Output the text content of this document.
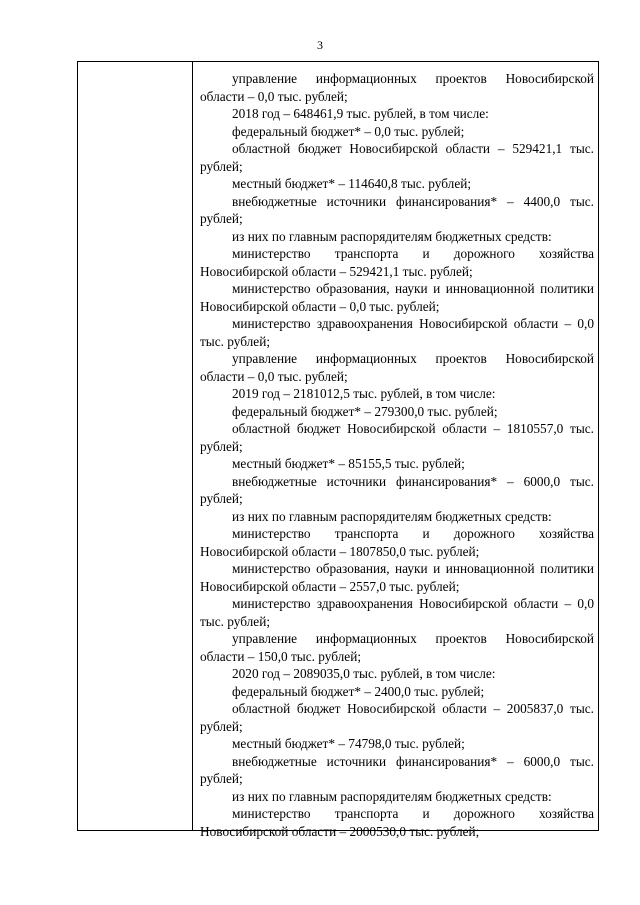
3

управление информационных проектов Новосибирской области – 0,0 тыс. рублей;

2018 год – 648461,9 тыс. рублей, в том числе:

федеральный бюджет* – 0,0 тыс. рублей;

областной бюджет Новосибирской области – 529421,1 тыс. рублей;

местный бюджет* – 114640,8 тыс. рублей;

внебюджетные источники финансирования* – 4400,0 тыс. рублей;

из них по главным распорядителям бюджетных средств:

министерство транспорта и дорожного хозяйства Новосибирской области – 529421,1 тыс. рублей;

министерство образования, науки и инновационной политики Новосибирской области – 0,0 тыс. рублей;

министерство здравоохранения Новосибирской области – 0,0 тыс. рублей;

управление информационных проектов Новосибирской области – 0,0 тыс. рублей;

2019 год – 2181012,5 тыс. рублей, в том числе:

федеральный бюджет* – 279300,0 тыс. рублей;

областной бюджет Новосибирской области – 1810557,0 тыс. рублей;

местный бюджет* – 85155,5 тыс. рублей;

внебюджетные источники финансирования* – 6000,0 тыс. рублей;

из них по главным распорядителям бюджетных средств:

министерство транспорта и дорожного хозяйства Новосибирской области – 1807850,0 тыс. рублей;

министерство образования, науки и инновационной политики Новосибирской области – 2557,0 тыс. рублей;

министерство здравоохранения Новосибирской области – 0,0 тыс. рублей;

управление информационных проектов Новосибирской области – 150,0 тыс. рублей;

2020 год – 2089035,0 тыс. рублей, в том числе:

федеральный бюджет* – 2400,0 тыс. рублей;

областной бюджет Новосибирской области – 2005837,0 тыс. рублей;

местный бюджет* – 74798,0 тыс. рублей;

внебюджетные источники финансирования* – 6000,0 тыс. рублей;

из них по главным распорядителям бюджетных средств:

министерство транспорта и дорожного хозяйства Новосибирской области – 2000530,0 тыс. рублей;
